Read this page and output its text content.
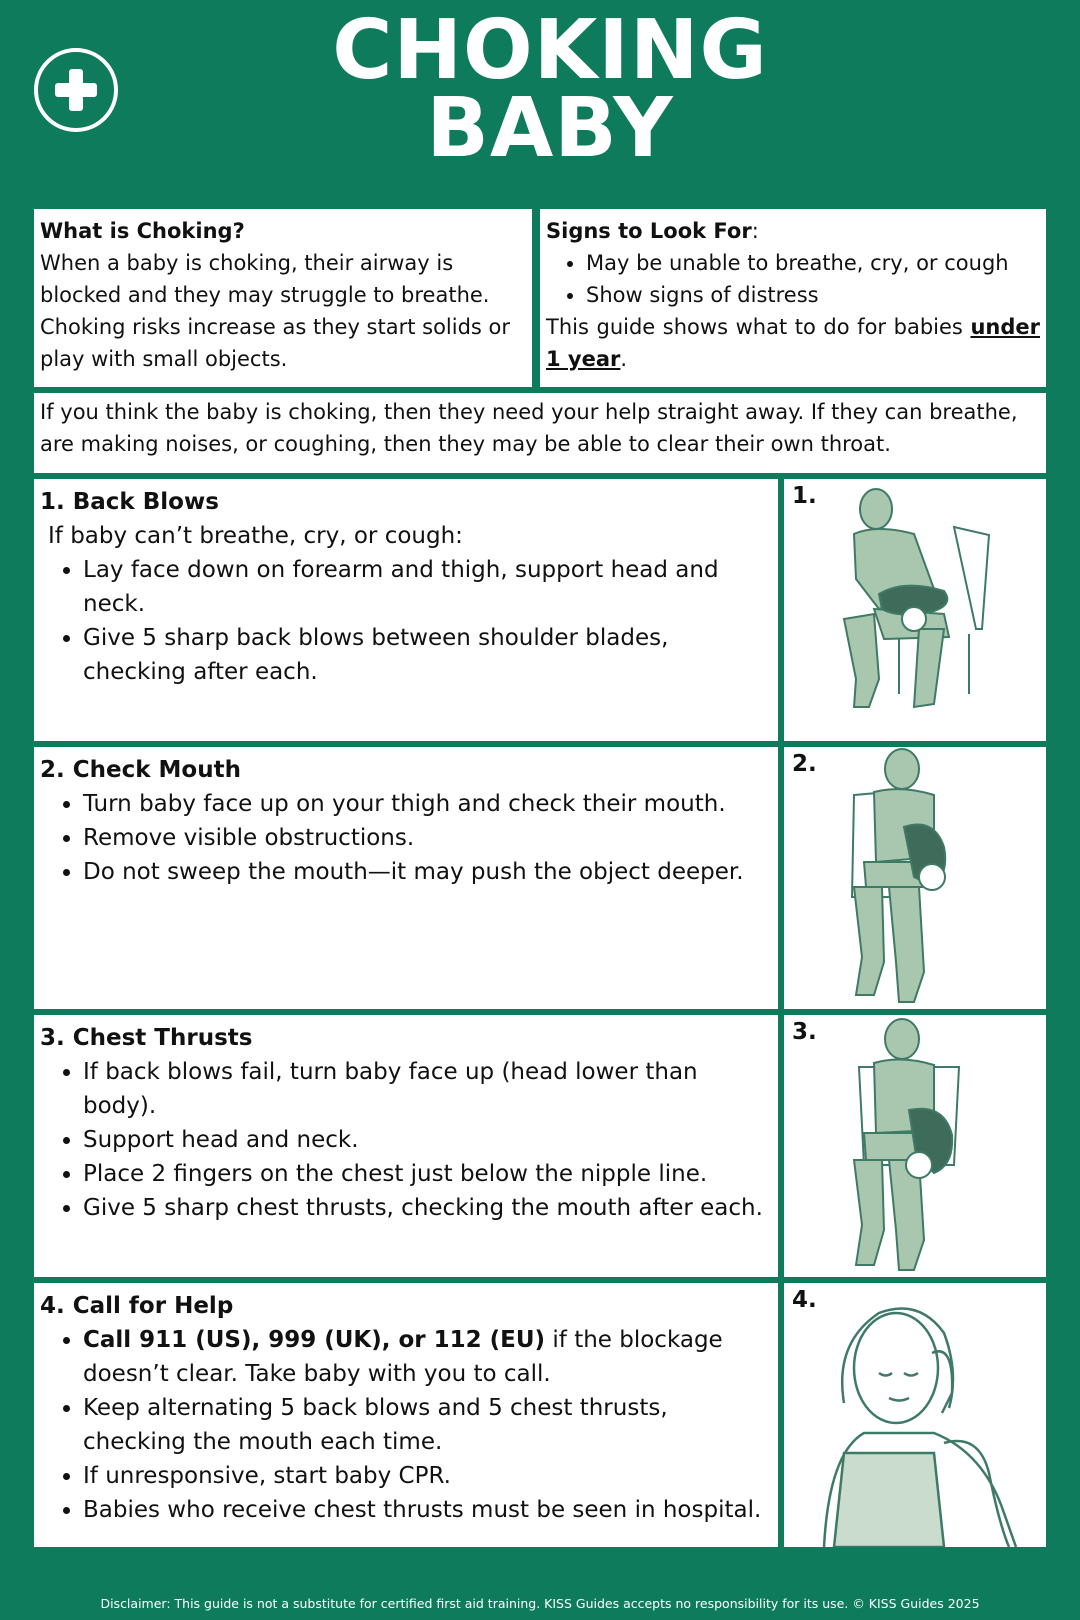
CHOKING
BABY
What is Choking?
When a baby is choking, their airway is blocked and they may struggle to breathe. Choking risks increase as they start solids or play with small objects.
Signs to Look For:
• May be unable to breathe, cry, or cough
• Show signs of distress
This guide shows what to do for babies under 1 year.
If you think the baby is choking, then they need your help straight away. If they can breathe, are making noises, or coughing, then they may be able to clear their own throat.
1. Back Blows
If baby can’t breathe, cry, or cough:
• Lay face down on forearm and thigh, support head and neck.
• Give 5 sharp back blows between shoulder blades, checking after each.
1.
2. Check Mouth
• Turn baby face up on your thigh and check their mouth.
• Remove visible obstructions.
• Do not sweep the mouth—it may push the object deeper.
2.
3. Chest Thrusts
• If back blows fail, turn baby face up (head lower than body).
• Support head and neck.
• Place 2 fingers on the chest just below the nipple line.
• Give 5 sharp chest thrusts, checking the mouth after each.
3.
4. Call for Help
• Call 911 (US), 999 (UK), or 112 (EU) if the blockage doesn’t clear. Take baby with you to call.
• Keep alternating 5 back blows and 5 chest thrusts, checking the mouth each time.
• If unresponsive, start baby CPR.
• Babies who receive chest thrusts must be seen in hospital.
4.
Disclaimer: This guide is not a substitute for certified first aid training. KISS Guides accepts no responsibility for its use. © KISS Guides 2025
